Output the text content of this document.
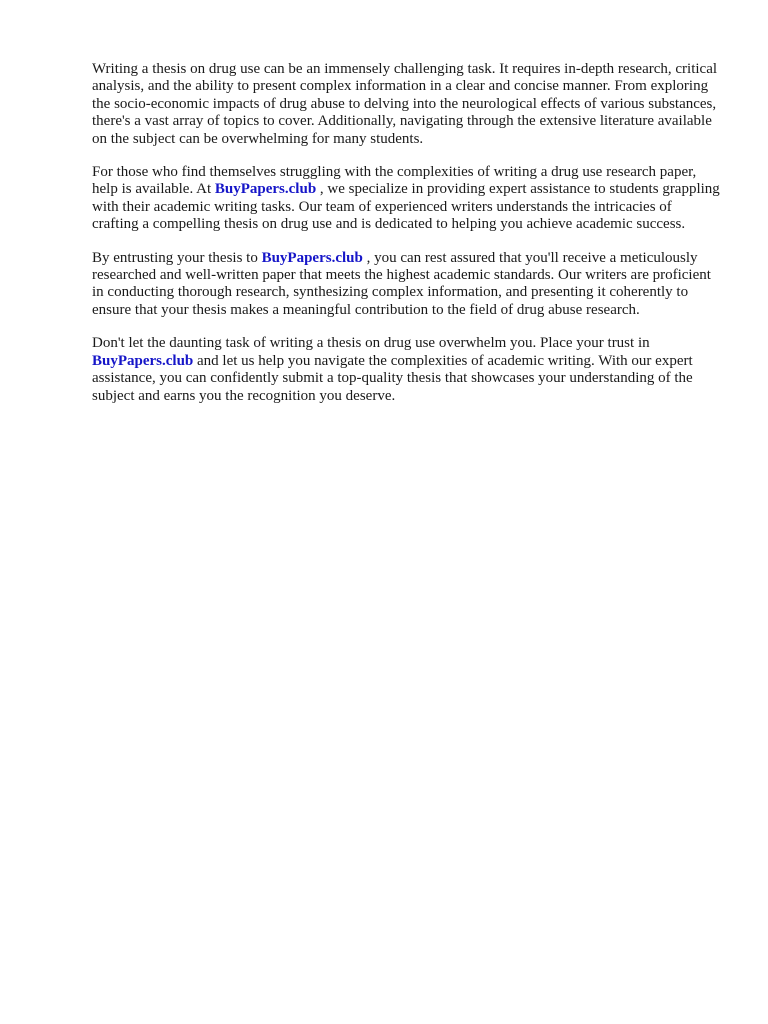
Writing a thesis on drug use can be an immensely challenging task. It requires in-depth research, critical analysis, and the ability to present complex information in a clear and concise manner. From exploring the socio-economic impacts of drug abuse to delving into the neurological effects of various substances, there's a vast array of topics to cover. Additionally, navigating through the extensive literature available on the subject can be overwhelming for many students.

For those who find themselves struggling with the complexities of writing a drug use research paper, help is available. At BuyPapers.club , we specialize in providing expert assistance to students grappling with their academic writing tasks. Our team of experienced writers understands the intricacies of crafting a compelling thesis on drug use and is dedicated to helping you achieve academic success.

By entrusting your thesis to BuyPapers.club , you can rest assured that you'll receive a meticulously researched and well-written paper that meets the highest academic standards. Our writers are proficient in conducting thorough research, synthesizing complex information, and presenting it coherently to ensure that your thesis makes a meaningful contribution to the field of drug abuse research.

Don't let the daunting task of writing a thesis on drug use overwhelm you. Place your trust in BuyPapers.club and let us help you navigate the complexities of academic writing. With our expert assistance, you can confidently submit a top-quality thesis that showcases your understanding of the subject and earns you the recognition you deserve.
